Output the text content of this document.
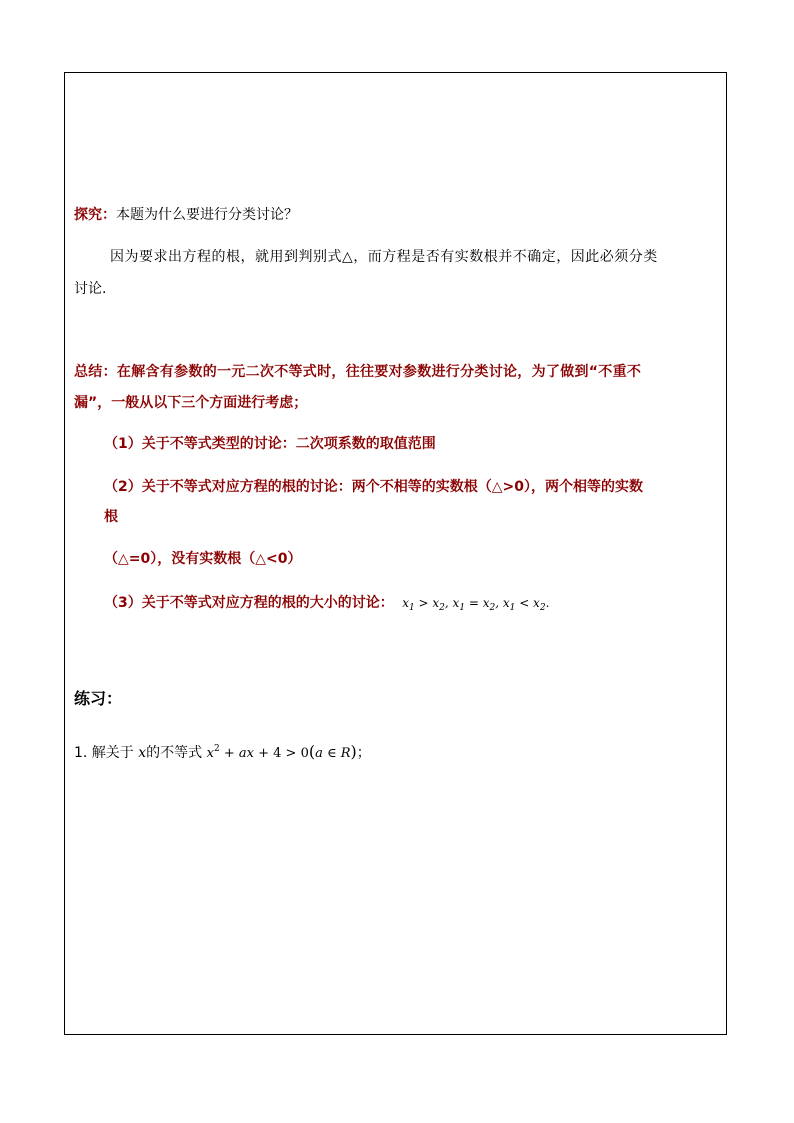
探究：本题为什么要进行分类讨论？
因为要求出方程的根，就用到判别式△，而方程是否有实数根并不确定，因此必须分类
讨论.
总结：在解含有参数的一元二次不等式时，往往要对参数进行分类讨论，为了做到“不重不
漏”，一般从以下三个方面进行考虑；
（1）关于不等式类型的讨论：二次项系数的取值范围
（2）关于不等式对应方程的根的讨论：两个不相等的实数根（△>0），两个相等的实数
根
（△=0），没有实数根（△<0）
（3）关于不等式对应方程的根的大小的讨论： $x_1 > x_2$, $x_1 = x_2$, $x_1 < x_2$.
练习：
1. 解关于 x的不等式 $x^2$ + ax + 4 > 0(a ∈ R)；
